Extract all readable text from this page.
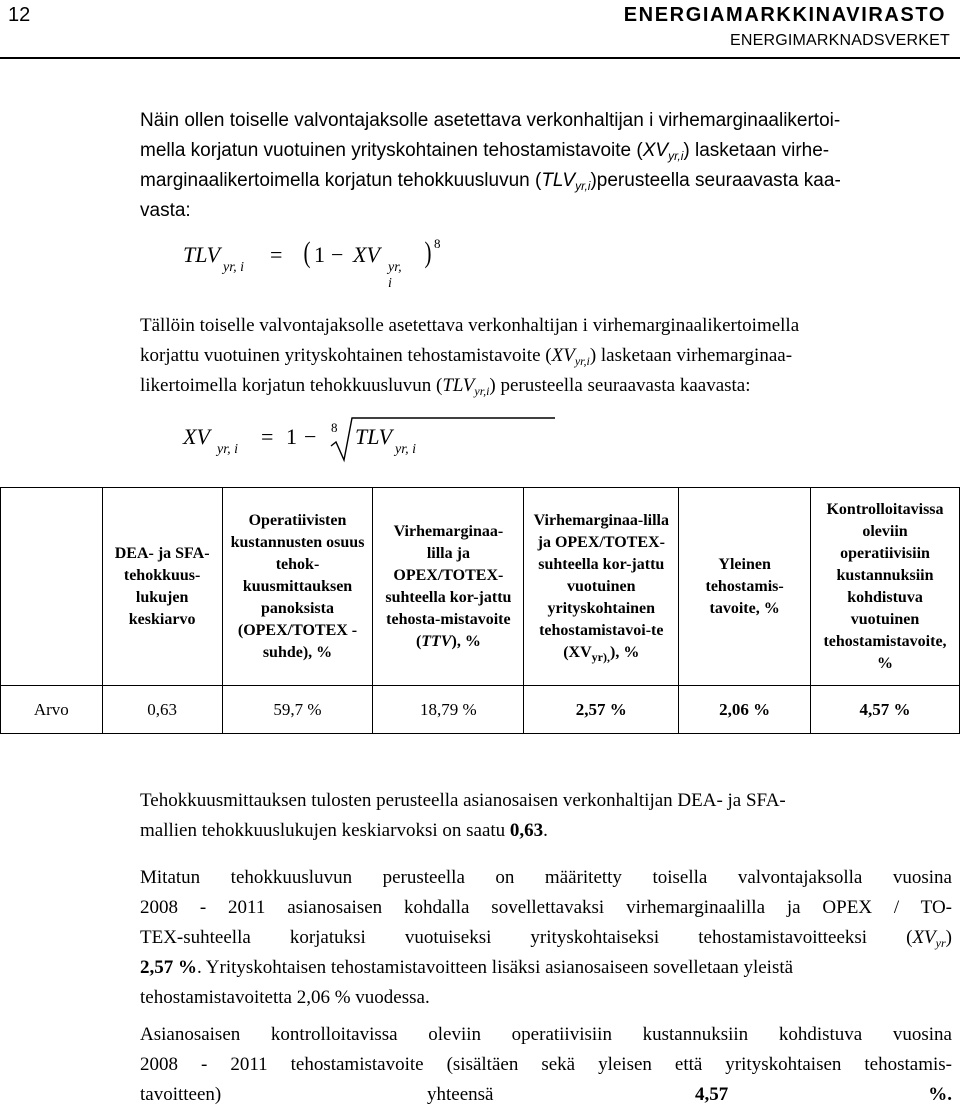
12	ENERGIAMARKKINAVIRASTO
ENERGIMARKNADSVERKET
Näin ollen toiselle valvontajaksolle asetettava verkonhaltijan i virhemarginaalikertoi-
mella korjatun vuotuinen yrityskohtainen tehostamistavoite $(XV_{yr,i})$ lasketaan virhe-
marginaalikertoimella korjatun tehokkuusluvun $(TLV_{yr,i})perusteella$ seuraavasta kaa-
vasta:
TLV
yr, i
= ( 1 − XV
yr, i
) 8
Tällöin toiselle valvontajaksolle asetettava verkonhaltijan i virhemarginaalikertoimella
korjattu vuotuinen yrityskohtainen tehostamistavoite $(XV_{yr,i})$ lasketaan virhemarginaa-
likertoimella korjatun tehokkuusluvun $(TLV_{yr,i})$ perusteella seuraavasta kaavasta:
XV
yr, i
= 1 − 8 TLV
yr, i

	DEA- ja SFA-tehokkuus-lukujen keskiarvo	Operatiivisten kustannusten osuus tehok-kuusmittauksen panoksista (OPEX/TOTEX -suhde), %	Virhemarginaa-lilla ja OPEX/TOTEX-suhteella kor-jattu tehosta-mistavoite
(TTV), %	Virhemarginaa-lilla ja OPEX/TOTEX-suhteella kor-jattu vuotuinen yrityskohtainen tehostamistavoi-te $(XV_{yr),})$, %	Yleinen tehostamis-tavoite, %	Kontrolloitavissa oleviin operatiivisiin kustannuksiin kohdistuva vuotuinen tehostamistavoite, %

Arvo	0,63	59,7 %	18,79 %	2,57 %	2,06 %	4,57 %
Tehokkuusmittauksen tulosten perusteella asianosaisen verkonhaltijan DEA- ja SFA-
mallien tehokkuuslukujen keskiarvoksi on saatu 0,63.
Mitatun tehokkuusluvun perusteella on määritetty toisella valvontajaksolla vuosina
2008 - 2011 asianosaisen kohdalla sovellettavaksi virhemarginaalilla ja OPEX / TO-
TEX-suhteella korjatuksi vuotuiseksi yrityskohtaiseksi tehostamistavoitteeksi $(XV_{yr})$
2,57 %. Yrityskohtaisen tehostamistavoitteen lisäksi asianosaiseen sovelletaan yleistä
tehostamistavoitetta 2,06 % vuodessa.
Asianosaisen kontrolloitavissa oleviin operatiivisiin kustannuksiin kohdistuva vuosina
2008 - 2011 tehostamistavoite (sisältäen sekä yleisen että yrityskohtaisen tehostamis-
tavoitteen)	yhteensä	4,57	%.
